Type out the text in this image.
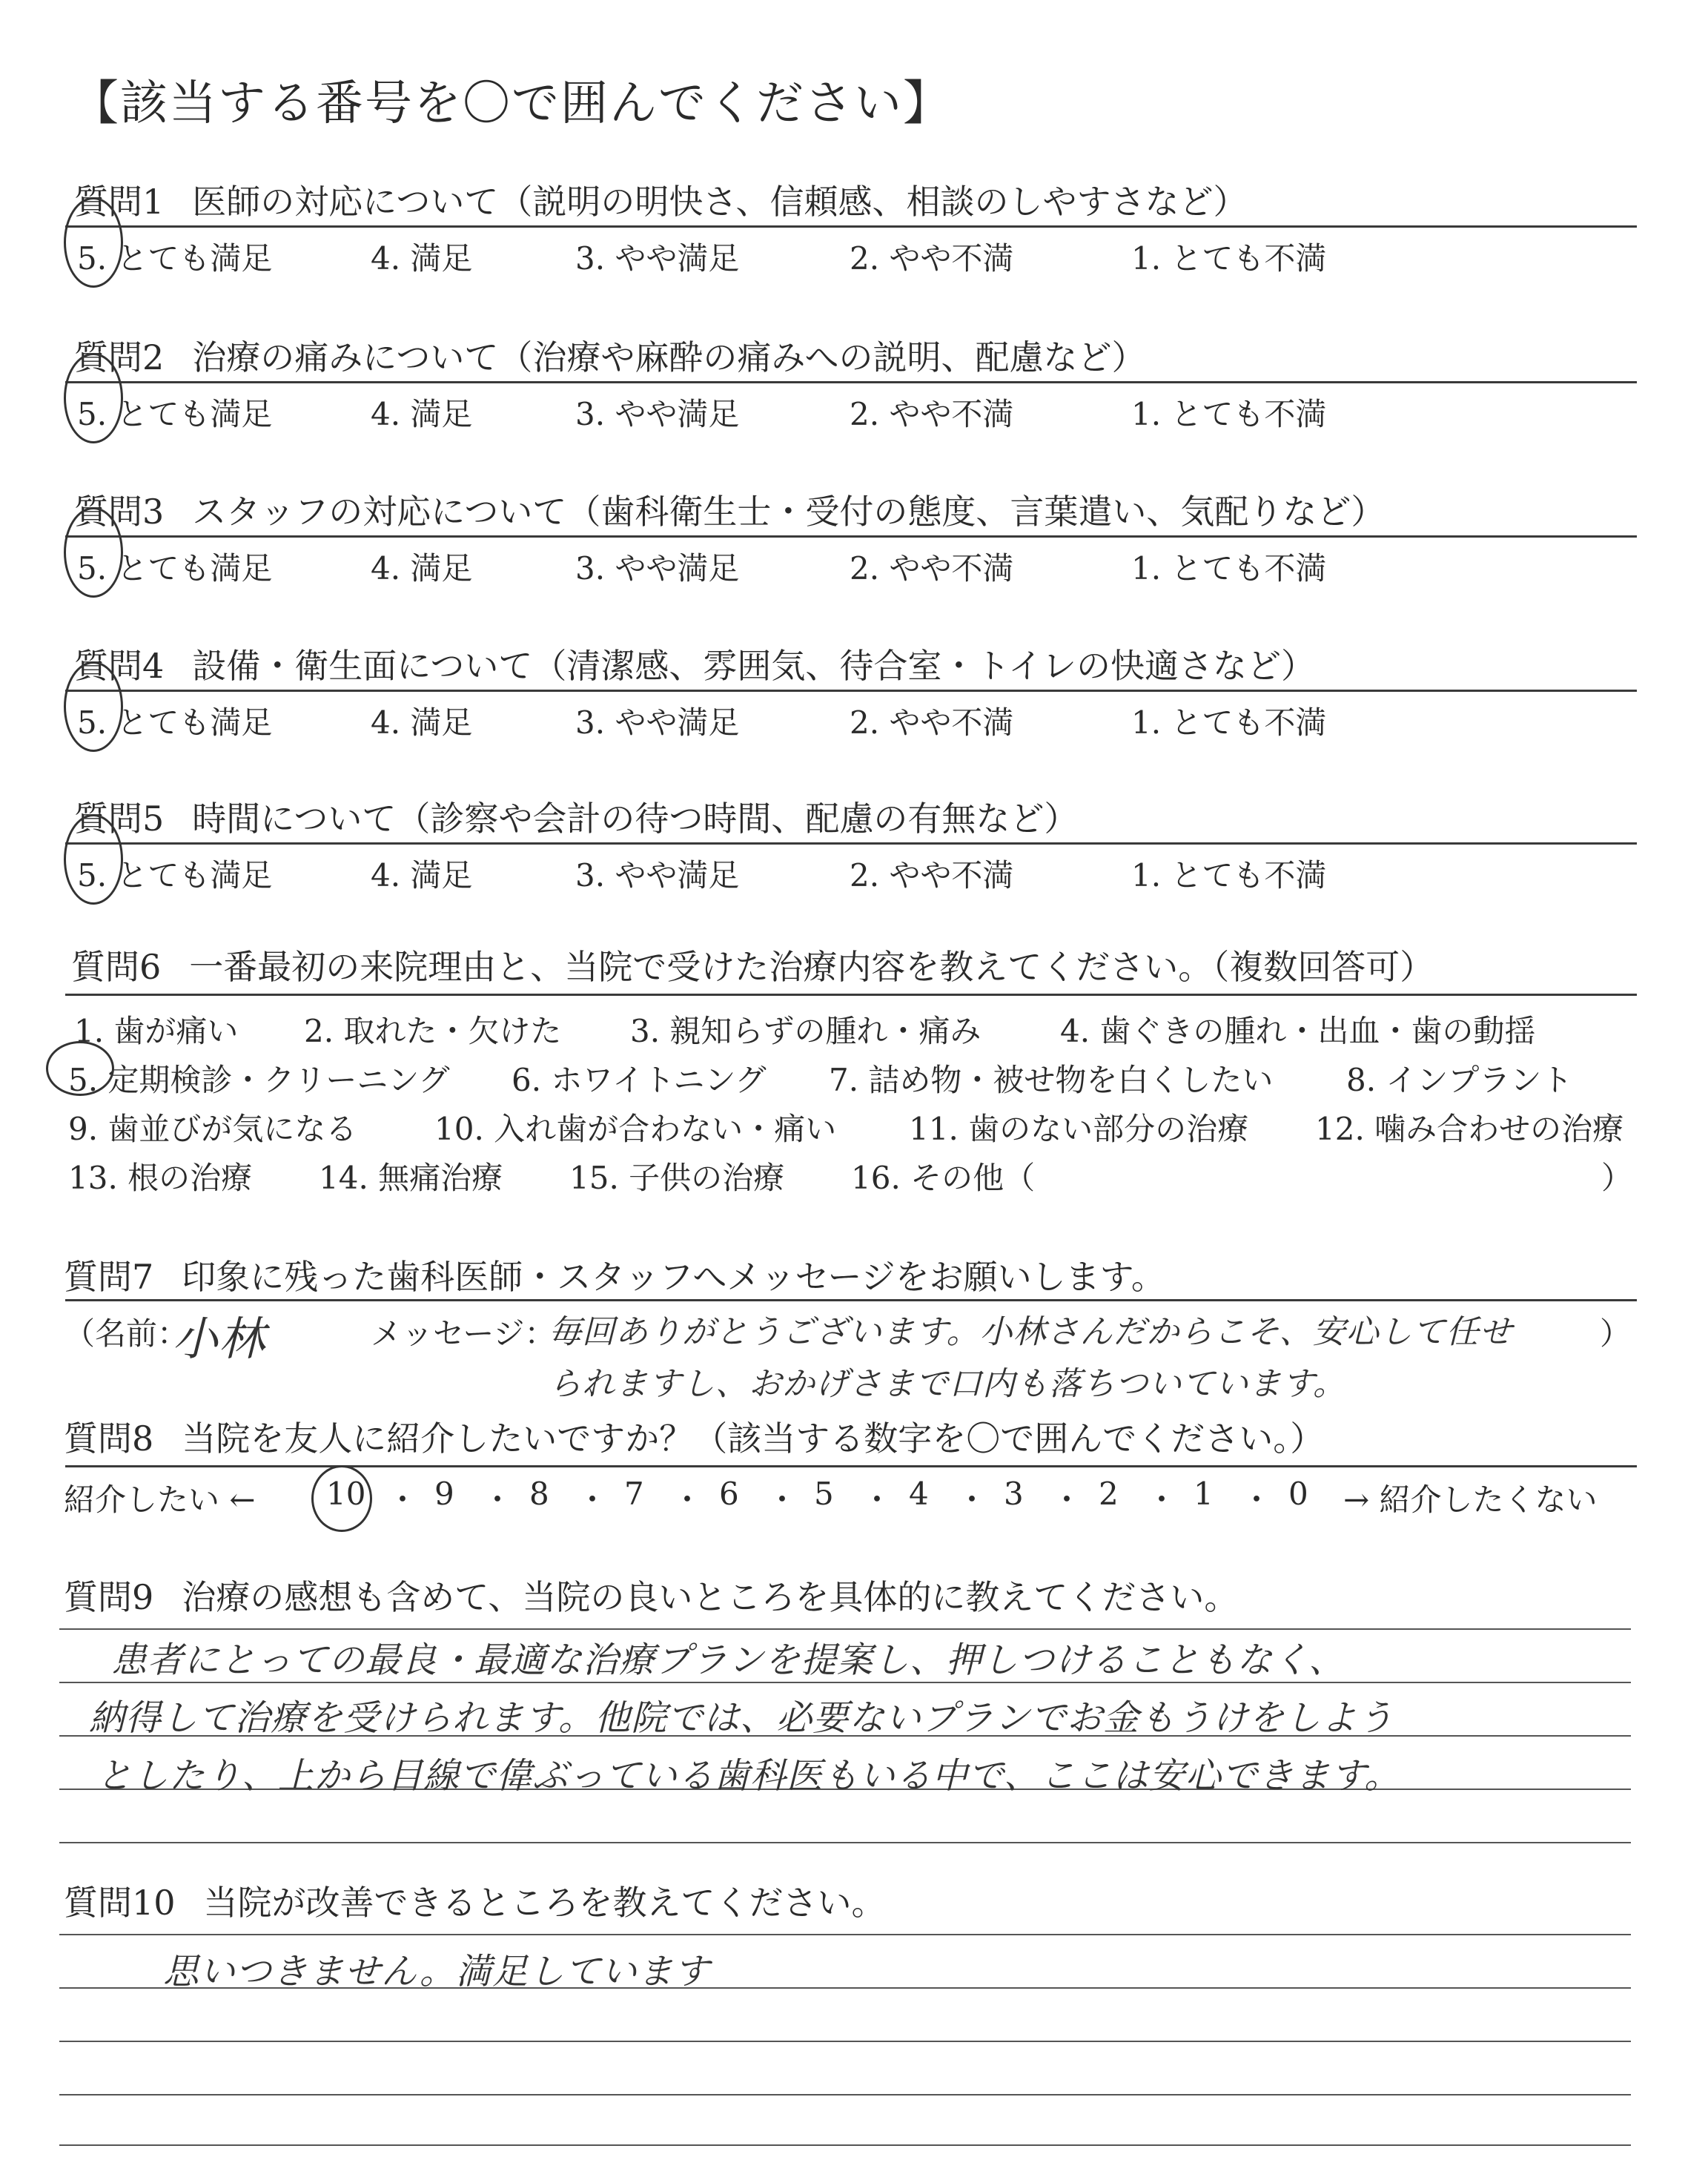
【該当する番号を〇で囲んでください】
質問1 医師の対応について（説明の明快さ、信頼感、相談のしやすさなど）
5. とても満足	4. 満足	3. やや満足	2. やや不満	1. とても不満
質問2 治療の痛みについて（治療や麻酔の痛みへの説明、配慮など）
5. とても満足	4. 満足	3. やや満足	2. やや不満	1. とても不満
質問3 スタッフの対応について（歯科衛生士・受付の態度、言葉遣い、気配りなど）
5. とても満足	4. 満足	3. やや満足	2. やや不満	1. とても不満
質問4 設備・衛生面について（清潔感、雰囲気、待合室・トイレの快適さなど）
5. とても満足	4. 満足	3. やや満足	2. やや不満	1. とても不満
質問5 時間について（診察や会計の待つ時間、配慮の有無など）
5. とても満足	4. 満足	3. やや満足	2. やや不満	1. とても不満
質問6 一番最初の来院理由と、当院で受けた治療内容を教えてください。（複数回答可）
1. 歯が痛い 2. 取れた・欠けた 3. 親知らずの腫れ・痛み	4. 歯ぐきの腫れ・出血・歯の動揺
5. 定期検診・クリーニング 6. ホワイトニング 7. 詰め物・被せ物を白くしたい 8. インプラント
9. 歯並びが気になる 10. 入れ歯が合わない・痛い 11. 歯のない部分の治療 12. 噛み合わせの治療
13. 根の治療 14. 無痛治療 15. 子供の治療 16. その他（	）
質問7 印象に残った歯科医師・スタッフへメッセージをお願いします。
（名前：
小林	メッセージ：
毎回ありがとうございます。小林さんだからこそ、安心して任せ	）
られますし、おかげさまで口内も落ちついています。
質問8 当院を友人に紹介したいですか？（該当する数字を〇で囲んでください。）
紹介したい ← 10 ・ 9 ・ 8 ・ 7 ・ 6 ・ 5 ・ 4 ・ 3 ・ 2 ・ 1 ・ 0 → 紹介したくない
質問9 治療の感想も含めて、当院の良いところを具体的に教えてください。
患者にとっての最良・最適な治療プランを提案し、押しつけることもなく、
納得して治療を受けられます。他院では、必要ないプランでお金もうけをしよう
としたり、上から目線で偉ぶっている歯科医もいる中で、ここは安心できます。
質問10 当院が改善できるところを教えてください。
思いつきません。満足しています
